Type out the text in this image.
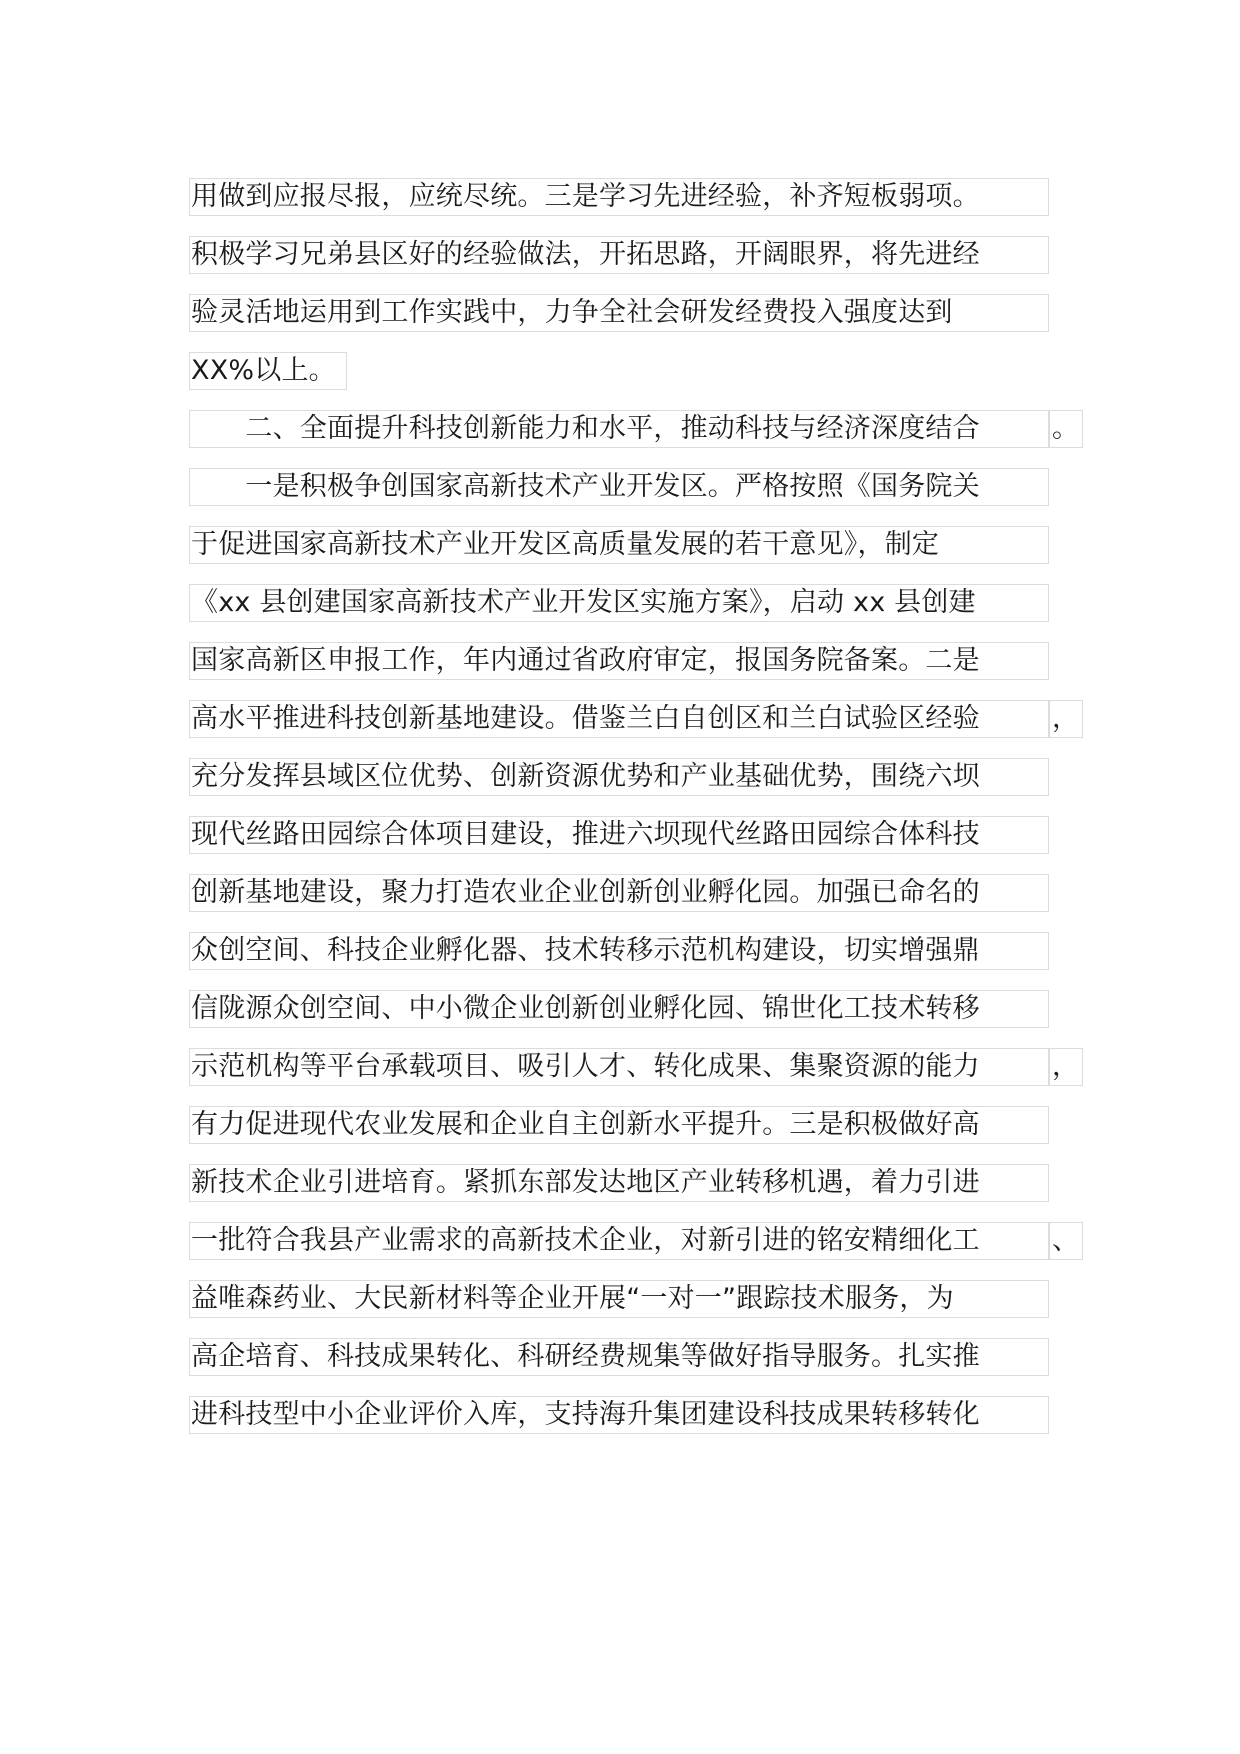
用做到应报尽报，应统尽统。三是学习先进经验，补齐短板弱项。
积极学习兄弟县区好的经验做法，开拓思路，开阔眼界，将先进经
验灵活地运用到工作实践中，力争全社会研发经费投入强度达到
XX%以上。
　　二、全面提升科技创新能力和水平，推动科技与经济深度结合	。
　　一是积极争创国家高新技术产业开发区。严格按照《国务院关
于促进国家高新技术产业开发区高质量发展的若干意见》，制定
《xx 县创建国家高新技术产业开发区实施方案》，启动 xx 县创建
国家高新区申报工作，年内通过省政府审定，报国务院备案。二是
高水平推进科技创新基地建设。借鉴兰白自创区和兰白试验区经验	，
充分发挥县域区位优势、创新资源优势和产业基础优势，围绕六坝
现代丝路田园综合体项目建设，推进六坝现代丝路田园综合体科技
创新基地建设，聚力打造农业企业创新创业孵化园。加强已命名的
众创空间、科技企业孵化器、技术转移示范机构建设，切实增强鼎
信陇源众创空间、中小微企业创新创业孵化园、锦世化工技术转移
示范机构等平台承载项目、吸引人才、转化成果、集聚资源的能力	，
有力促进现代农业发展和企业自主创新水平提升。三是积极做好高
新技术企业引进培育。紧抓东部发达地区产业转移机遇，着力引进
一批符合我县产业需求的高新技术企业，对新引进的铭安精细化工	、
益唯森药业、大民新材料等企业开展“一对一”跟踪技术服务，为
高企培育、科技成果转化、科研经费规集等做好指导服务。扎实推
进科技型中小企业评价入库，支持海升集团建设科技成果转移转化
